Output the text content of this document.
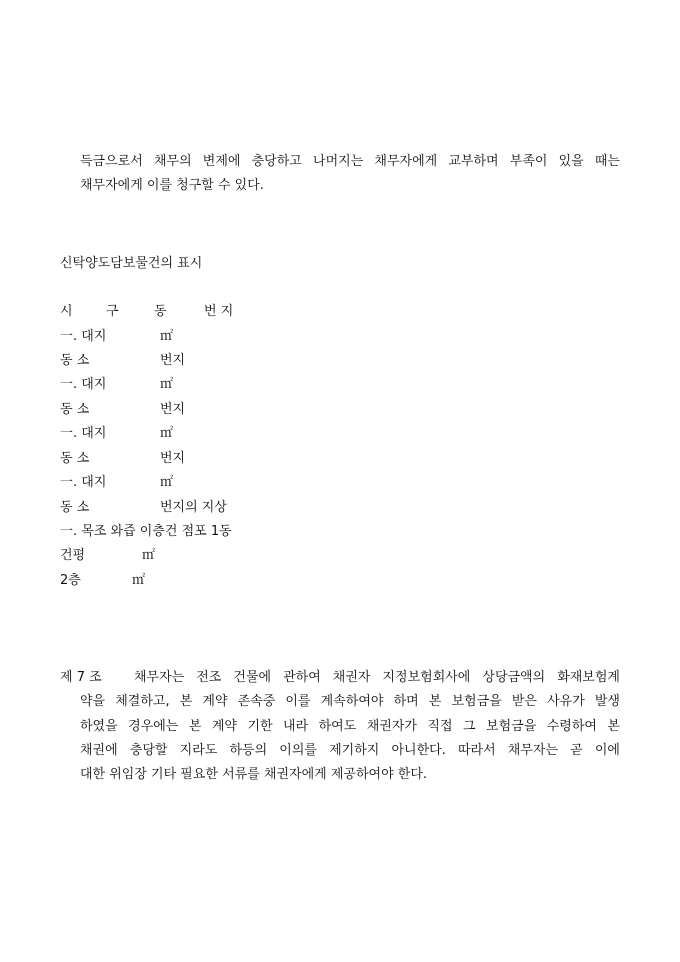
득금으로서 채무의 변제에 충당하고 나머지는 채무자에게 교부하며 부족이 있을 때는
채무자에게 이를 청구할 수 있다.
신탁양도담보물건의 표시
시	구	동	번 지
一. 대지	㎡
동 소	번지
一. 대지	㎡
동 소	번지
一. 대지	㎡
동 소	번지
一. 대지	㎡
동 소	번지의 지상
一. 목조 와즙 이층건 점포 1동
건평	㎡
2층	㎡
제 7 조 채무자는 전조 건물에 관하여 채권자 지정보험회사에 상당금액의 화재보험계
약을 체결하고, 본 계약 존속중 이를 계속하여야 하며 본 보험금을 받은 사유가 발생
하였을 경우에는 본 계약 기한 내라 하여도 채권자가 직접 그 보험금을 수령하여 본
채권에 충당할 지라도 하등의 이의를 제기하지 아니한다. 따라서 채무자는 곧 이에
대한 위임장 기타 필요한 서류를 채권자에게 제공하여야 한다.
